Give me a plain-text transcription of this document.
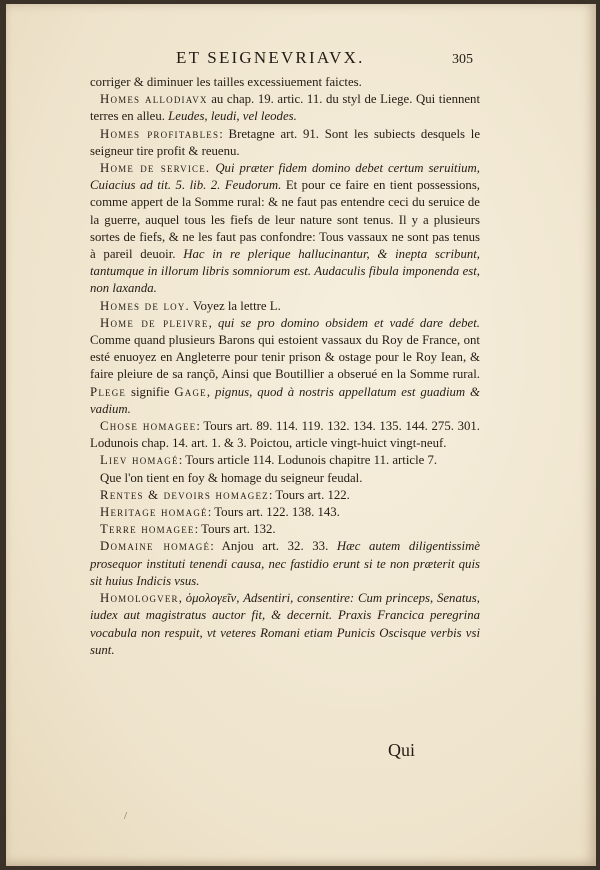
ET SEIGNEVRIAVX.	305

corriger & diminuer les tailles excessiuement faictes.

Homes allodiavx au chap. 19. artic. 11. du styl de Liege. Qui tiennent terres en alleu. Leudes, leudi, vel leodes.

Homes profitables: Bretagne art. 91. Sont les subiects desquels le seigneur tire profit & reuenu.

Home de service. Qui præter fidem domino debet certum seruitium, Cuiacius ad tit. 5. lib. 2. Feudorum. Et pour ce faire en tient possessions, comme appert de la Somme rural: & ne faut pas entendre ceci du seruice de la guerre, auquel tous les fiefs de leur nature sont tenus. Il y a plusieurs sortes de fiefs, & ne les faut pas confondre: Tous vassaux ne sont pas tenus à pareil deuoir. Hac in re plerique hallucinantur, & inepta scribunt, tantumque in illorum libris somniorum est. Audaculis fibula imponenda est, non laxanda.

Homes de loy. Voyez la lettre L.

Home de pleivre, qui se pro domino obsidem et vadé dare debet. Comme quand plusieurs Barons qui estoient vassaux du Roy de France, ont esté enuoyez en Angleterre pour tenir prison & ostage pour le Roy Iean, & faire pleiure de sa rançõ, Ainsi que Boutillier a obserué en la Somme rural. Plege signifie Gage, pignus, quod à nostris appellatum est guadium & vadium.

Chose homagee: Tours art. 89. 114. 119. 132. 134. 135. 144. 275. 301. Lodunois chap. 14. art. 1. & 3. Poictou, article vingt-huict vingt-neuf.

Liev homagé: Tours article 114. Lodunois chapitre 11. article 7.

Que l'on tient en foy & homage du seigneur feudal.

Rentes & devoirs homagez: Tours art. 122.

Heritage homagé: Tours art. 122. 138. 143.

Terre homagee: Tours art. 132.

Domaine homagé: Anjou art. 32. 33. Hæc autem diligentissimè prosequor instituti tenendi causa, nec fastidio erunt si te non præterit quis sit huius Indicis vsus.

Homologver, ὁμολογεῖν, Adsentiri, consentire: Cum princeps, Senatus, iudex aut magistratus auctor fit, & decernit. Praxis Francica peregrina vocabula non respuit, vt veteres Romani etiam Punicis Oscisque verbis vsi sunt.

Qui
/
